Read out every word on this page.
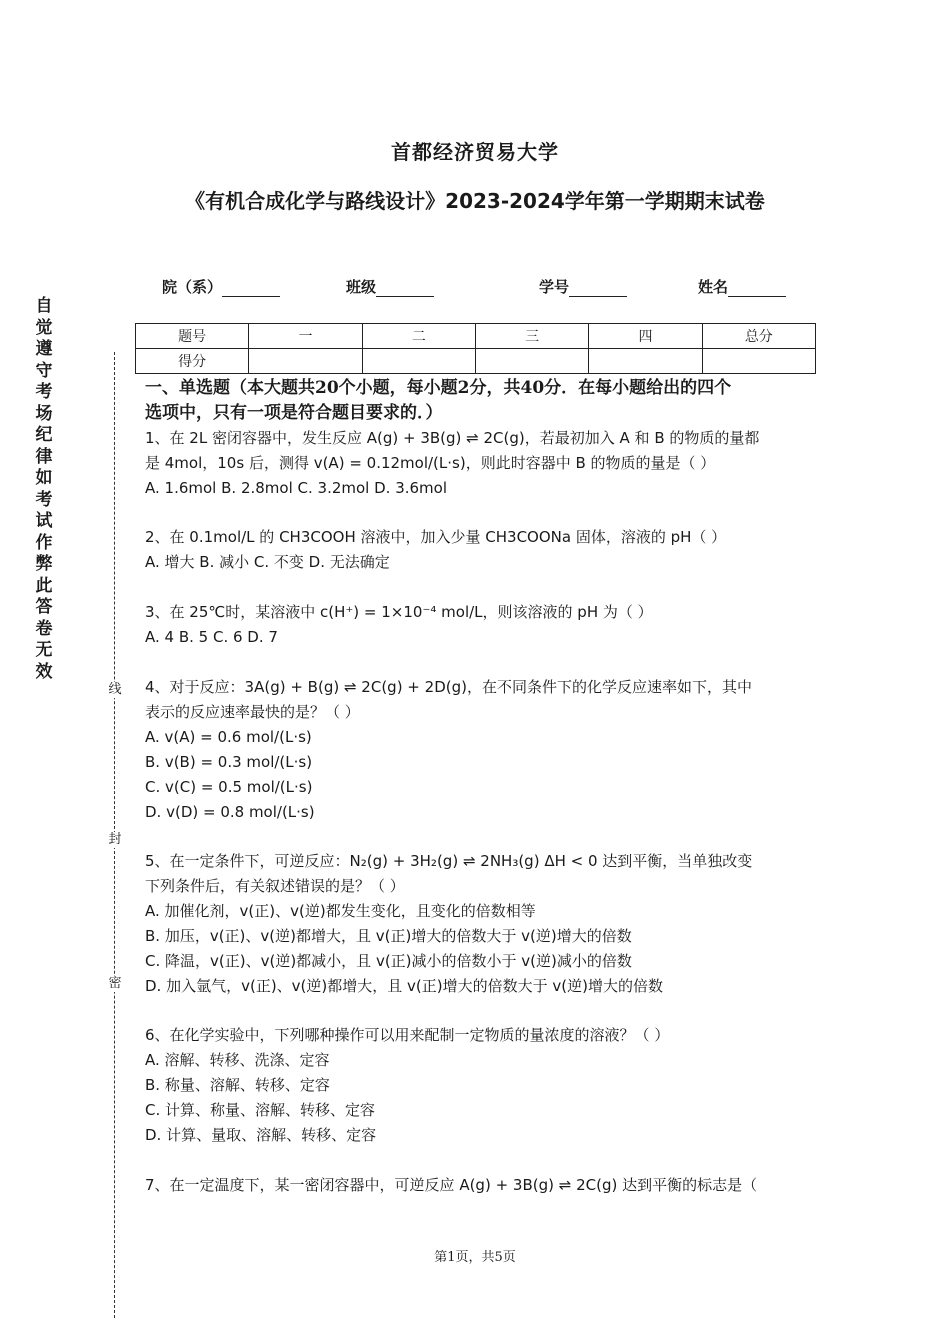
首都经济贸易大学
《有机合成化学与路线设计》2023-2024学年第一学期期末试卷
院（系）	班级	学号	姓名
自
觉
遵
守
考
场
纪
律
如
考
试
作
弊
此
答
卷
无
效
线
封
密
题号	一	二	三	四	总分
得分					
一、单选题（本大题共20个小题，每小题2分，共40分．在每小题给出的四个
选项中，只有一项是符合题目要求的．）
1、在 2L 密闭容器中，发生反应 A(g) + 3B(g) ⇌ 2C(g)，若最初加入 A 和 B 的物质的量都
是 4mol，10s 后，测得 v(A) = 0.12mol/(L·s)，则此时容器中 B 的物质的量是（ ）
A. 1.6mol B. 2.8mol C. 3.2mol D. 3.6mol
2、在 0.1mol/L 的 CH3COOH 溶液中，加入少量 CH3COONa 固体，溶液的 pH（ ）
A. 增大 B. 减小 C. 不变 D. 无法确定
3、在 25℃时，某溶液中 c(H⁺) = 1×10⁻⁴ mol/L，则该溶液的 pH 为（ ）
A. 4 B. 5 C. 6 D. 7
4、对于反应：3A(g) + B(g) ⇌ 2C(g) + 2D(g)，在不同条件下的化学反应速率如下，其中
表示的反应速率最快的是？（ ）
A. v(A) = 0.6 mol/(L·s)
B. v(B) = 0.3 mol/(L·s)
C. v(C) = 0.5 mol/(L·s)
D. v(D) = 0.8 mol/(L·s)
5、在一定条件下，可逆反应：N₂(g) + 3H₂(g) ⇌ 2NH₃(g) ΔH < 0 达到平衡，当单独改变
下列条件后，有关叙述错误的是？（ ）
A. 加催化剂，v(正)、v(逆)都发生变化，且变化的倍数相等
B. 加压，v(正)、v(逆)都增大，且 v(正)增大的倍数大于 v(逆)增大的倍数
C. 降温，v(正)、v(逆)都减小，且 v(正)减小的倍数小于 v(逆)减小的倍数
D. 加入氩气，v(正)、v(逆)都增大，且 v(正)增大的倍数大于 v(逆)增大的倍数
6、在化学实验中，下列哪种操作可以用来配制一定物质的量浓度的溶液？（ ）
A. 溶解、转移、洗涤、定容
B. 称量、溶解、转移、定容
C. 计算、称量、溶解、转移、定容
D. 计算、量取、溶解、转移、定容
7、在一定温度下，某一密闭容器中，可逆反应 A(g) + 3B(g) ⇌ 2C(g) 达到平衡的标志是（
第1页，共5页
